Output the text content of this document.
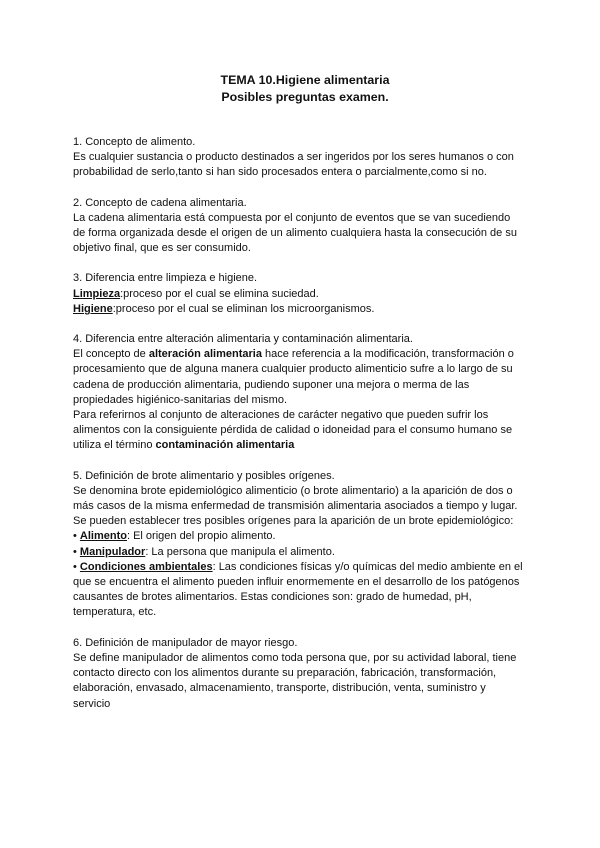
TEMA 10.Higiene alimentaria
Posibles preguntas examen.
1. Concepto de alimento.
Es cualquier sustancia o producto destinados a ser ingeridos por los seres humanos o con
probabilidad de serlo,tanto si han sido procesados entera o parcialmente,como si no.
2. Concepto de cadena alimentaria.
La cadena alimentaria está compuesta por el conjunto de eventos que se van sucediendo
de forma organizada desde el origen de un alimento cualquiera hasta la consecución de su
objetivo final, que es ser consumido.
3. Diferencia entre limpieza e higiene.
Limpieza:proceso por el cual se elimina suciedad.
Higiene:proceso por el cual se eliminan los microorganismos.
4. Diferencia entre alteración alimentaria y contaminación alimentaria.
El concepto de alteración alimentaria hace referencia a la modificación, transformación o
procesamiento que de alguna manera cualquier producto alimenticio sufre a lo largo de su
cadena de producción alimentaria, pudiendo suponer una mejora o merma de las
propiedades higiénico-sanitarias del mismo.
Para referirnos al conjunto de alteraciones de carácter negativo que pueden sufrir los
alimentos con la consiguiente pérdida de calidad o idoneidad para el consumo humano se
utiliza el término contaminación alimentaria
5. Definición de brote alimentario y posibles orígenes.
Se denomina brote epidemiológico alimenticio (o brote alimentario) a la aparición de dos o
más casos de la misma enfermedad de transmisión alimentaria asociados a tiempo y lugar.
Se pueden establecer tres posibles orígenes para la aparición de un brote epidemiológico:
• Alimento: El origen del propio alimento.
• Manipulador: La persona que manipula el alimento.
• Condiciones ambientales: Las condiciones físicas y/o químicas del medio ambiente en el
que se encuentra el alimento pueden influir enormemente en el desarrollo de los patógenos
causantes de brotes alimentarios. Estas condiciones son: grado de humedad, pH,
temperatura, etc.
6. Definición de manipulador de mayor riesgo.
Se define manipulador de alimentos como toda persona que, por su actividad laboral, tiene
contacto directo con los alimentos durante su preparación, fabricación, transformación,
elaboración, envasado, almacenamiento, transporte, distribución, venta, suministro y
servicio
